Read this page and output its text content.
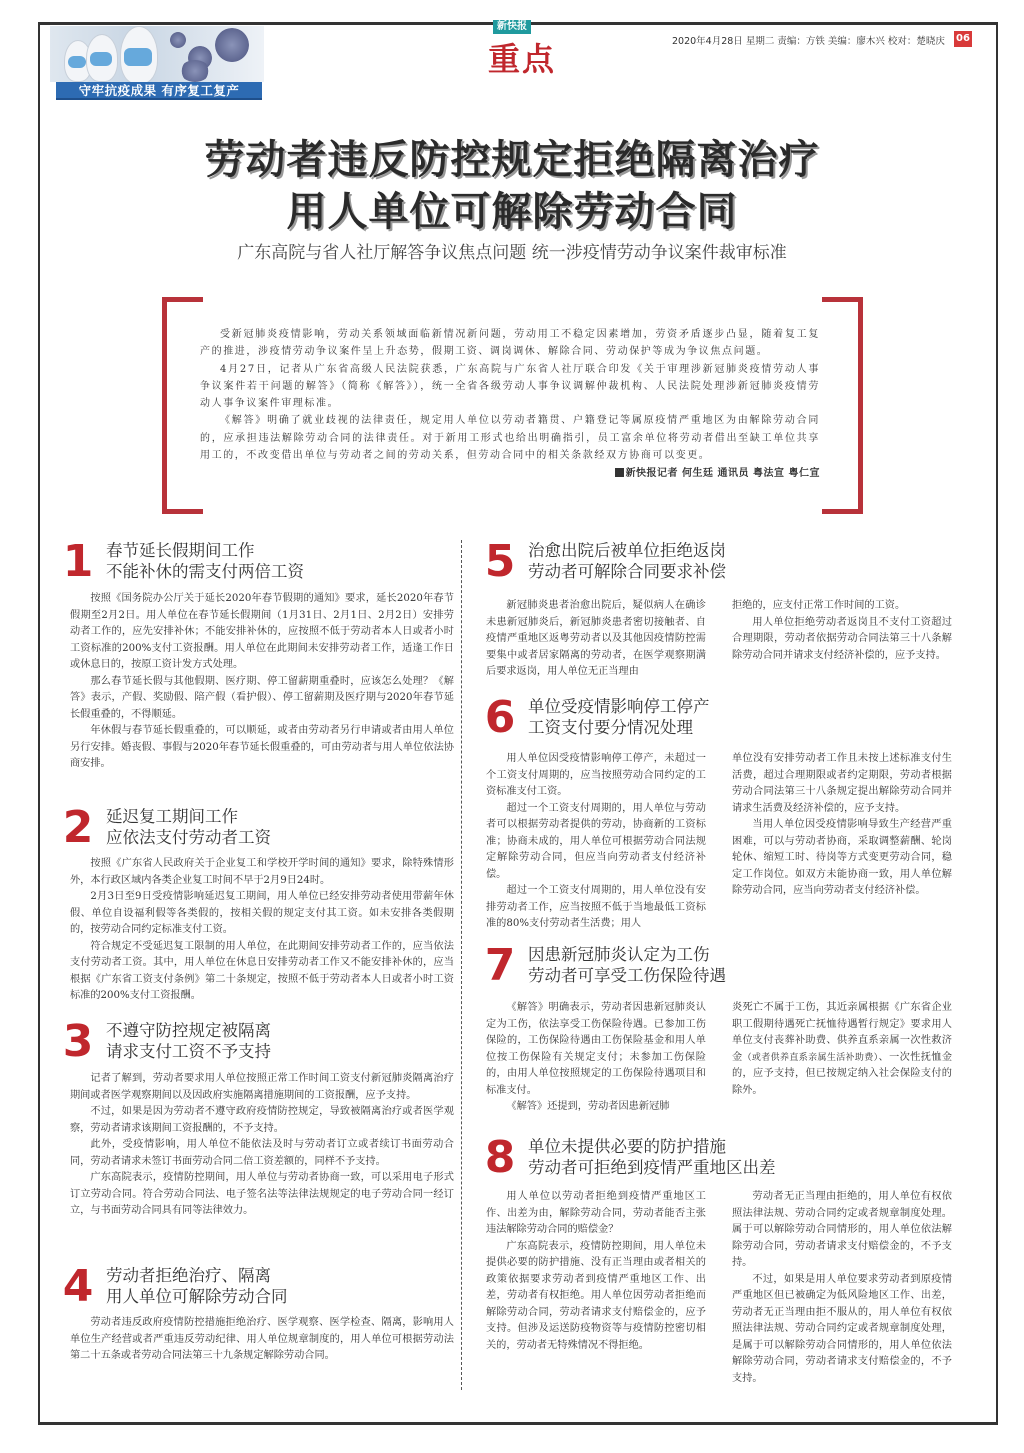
守牢抗疫成果 有序复工复产
新快报
重点	2020年4月28日 星期二 责编：方铁 美编：廖木兴 校对：楚晓庆 06
劳动者违反防控规定拒绝隔离治疗
用人单位可解除劳动合同
广东高院与省人社厅解答争议焦点问题 统一涉疫情劳动争议案件裁审标准

受新冠肺炎疫情影响，劳动关系领域面临新情况新问题，劳动用工不稳定因素增加，劳资矛盾逐步凸显，随着复工复产的推进，涉疫情劳动争议案件呈上升态势，假期工资、调岗调休、解除合同、劳动保护等成为争议焦点问题。

4月27日，记者从广东省高级人民法院获悉，广东高院与广东省人社厅联合印发《关于审理涉新冠肺炎疫情劳动人事争议案件若干问题的解答》（简称《解答》），统一全省各级劳动人事争议调解仲裁机构、人民法院处理涉新冠肺炎疫情劳动人事争议案件审理标准。

《解答》明确了就业歧视的法律责任，规定用人单位以劳动者籍贯、户籍登记等属原疫情严重地区为由解除劳动合同的，应承担违法解除劳动合同的法律责任。对于新用工形式也给出明确指引，员工富余单位将劳动者借出至缺工单位共享用工的，不改变借出单位与劳动者之间的劳动关系，但劳动合同中的相关条款经双方协商可以变更。

新快报记者 何生廷 通讯员 粤法宣 粤仁宣
1 春节延长假期间工作
不能补休的需支付两倍工资

按照《国务院办公厅关于延长2020年春节假期的通知》要求，延长2020年春节假期至2月2日。用人单位在春节延长假期间（1月31日、2月1日、2月2日）安排劳动者工作的，应先安排补休；不能安排补休的，应按照不低于劳动者本人日或者小时工资标准的200%支付工资报酬。用人单位在此期间未安排劳动者工作，适逢工作日或休息日的，按原工资计发方式处理。

那么春节延长假与其他假期、医疗期、停工留薪期重叠时，应该怎么处理？《解答》表示，产假、奖励假、陪产假（看护假）、停工留薪期及医疗期与2020年春节延长假重叠的，不得顺延。

年休假与春节延长假重叠的，可以顺延，或者由劳动者另行申请或者由用人单位另行安排。婚丧假、事假与2020年春节延长假重叠的，可由劳动者与用人单位依法协商安排。

2 延迟复工期间工作
应依法支付劳动者工资

按照《广东省人民政府关于企业复工和学校开学时间的通知》要求，除特殊情形外，本行政区域内各类企业复工时间不早于2月9日24时。

2月3日至9日受疫情影响延迟复工期间，用人单位已经安排劳动者使用带薪年休假、单位自设福利假等各类假的，按相关假的规定支付其工资。如未安排各类假期的，按劳动合同约定标准支付工资。

符合规定不受延迟复工限制的用人单位，在此期间安排劳动者工作的，应当依法支付劳动者工资。其中，用人单位在休息日安排劳动者工作又不能安排补休的，应当根据《广东省工资支付条例》第二十条规定，按照不低于劳动者本人日或者小时工资标准的200%支付工资报酬。

3 不遵守防控规定被隔离
请求支付工资不予支持

记者了解到，劳动者要求用人单位按照正常工作时间工资支付新冠肺炎隔离治疗期间或者医学观察期间以及因政府实施隔离措施期间的工资报酬，应予支持。

不过，如果是因为劳动者不遵守政府疫情防控规定，导致被隔离治疗或者医学观察，劳动者请求该期间工资报酬的，不予支持。

此外，受疫情影响，用人单位不能依法及时与劳动者订立或者续订书面劳动合同，劳动者请求未签订书面劳动合同二倍工资差额的，同样不予支持。

广东高院表示，疫情防控期间，用人单位与劳动者协商一致，可以采用电子形式订立劳动合同。符合劳动合同法、电子签名法等法律法规规定的电子劳动合同一经订立，与书面劳动合同具有同等法律效力。

4 劳动者拒绝治疗、隔离
用人单位可解除劳动合同

劳动者违反政府疫情防控措施拒绝治疗、医学观察、医学检查、隔离，影响用人单位生产经营或者严重违反劳动纪律、用人单位规章制度的，用人单位可根据劳动法第二十五条或者劳动合同法第三十九条规定解除劳动合同。

5 治愈出院后被单位拒绝返岗
劳动者可解除合同要求补偿

新冠肺炎患者治愈出院后，疑似病人在确诊未患新冠肺炎后，新冠肺炎患者密切接触者、自疫情严重地区返粤劳动者以及其他因疫情防控需要集中或者居家隔离的劳动者，在医学观察期满后要求返岗，用人单位无正当理由

拒绝的，应支付正常工作时间的工资。

用人单位拒绝劳动者返岗且不支付工资超过合理期限，劳动者依据劳动合同法第三十八条解除劳动合同并请求支付经济补偿的，应予支持。

6 单位受疫情影响停工停产
工资支付要分情况处理

用人单位因受疫情影响停工停产，未超过一个工资支付周期的，应当按照劳动合同约定的工资标准支付工资。

超过一个工资支付周期的，用人单位与劳动者可以根据劳动者提供的劳动，协商新的工资标准；协商未成的，用人单位可根据劳动合同法规定解除劳动合同，但应当向劳动者支付经济补偿。

超过一个工资支付周期的，用人单位没有安排劳动者工作，应当按照不低于当地最低工资标准的80%支付劳动者生活费；用人

单位没有安排劳动者工作且未按上述标准支付生活费，超过合理期限或者约定期限，劳动者根据劳动合同法第三十八条规定提出解除劳动合同并请求生活费及经济补偿的，应予支持。

当用人单位因受疫情影响导致生产经营严重困难，可以与劳动者协商，采取调整薪酬、轮岗轮休、缩短工时、待岗等方式变更劳动合同，稳定工作岗位。如双方未能协商一致，用人单位解除劳动合同，应当向劳动者支付经济补偿。

7 因患新冠肺炎认定为工伤
劳动者可享受工伤保险待遇

《解答》明确表示，劳动者因患新冠肺炎认定为工伤，依法享受工伤保险待遇。已参加工伤保险的，工伤保险待遇由工伤保险基金和用人单位按工伤保险有关规定支付；未参加工伤保险的，由用人单位按照规定的工伤保险待遇项目和标准支付。

《解答》还提到，劳动者因患新冠肺

炎死亡不属于工伤，其近亲属根据《广东省企业职工假期待遇死亡抚恤待遇暂行规定》要求用人单位支付丧葬补助费、供养直系亲属一次性救济金（或者供养直系亲属生活补助费）、一次性抚恤金的，应予支持，但已按规定纳入社会保险支付的除外。

8 单位未提供必要的防护措施
劳动者可拒绝到疫情严重地区出差

用人单位以劳动者拒绝到疫情严重地区工作、出差为由，解除劳动合同，劳动者能否主张违法解除劳动合同的赔偿金？

广东高院表示，疫情防控期间，用人单位未提供必要的防护措施、没有正当理由或者相关的政策依据要求劳动者到疫情严重地区工作、出差，劳动者有权拒绝。用人单位因劳动者拒绝而解除劳动合同，劳动者请求支付赔偿金的，应予支持。但涉及运送防疫物资等与疫情防控密切相关的，劳动者无特殊情况不得拒绝。

劳动者无正当理由拒绝的，用人单位有权依照法律法规、劳动合同约定或者规章制度处理。属于可以解除劳动合同情形的，用人单位依法解除劳动合同，劳动者请求支付赔偿金的，不予支持。

不过，如果是用人单位要求劳动者到原疫情严重地区但已被确定为低风险地区工作、出差，劳动者无正当理由拒不服从的，用人单位有权依照法律法规、劳动合同约定或者规章制度处理，是属于可以解除劳动合同情形的，用人单位依法解除劳动合同，劳动者请求支付赔偿金的，不予支持。
